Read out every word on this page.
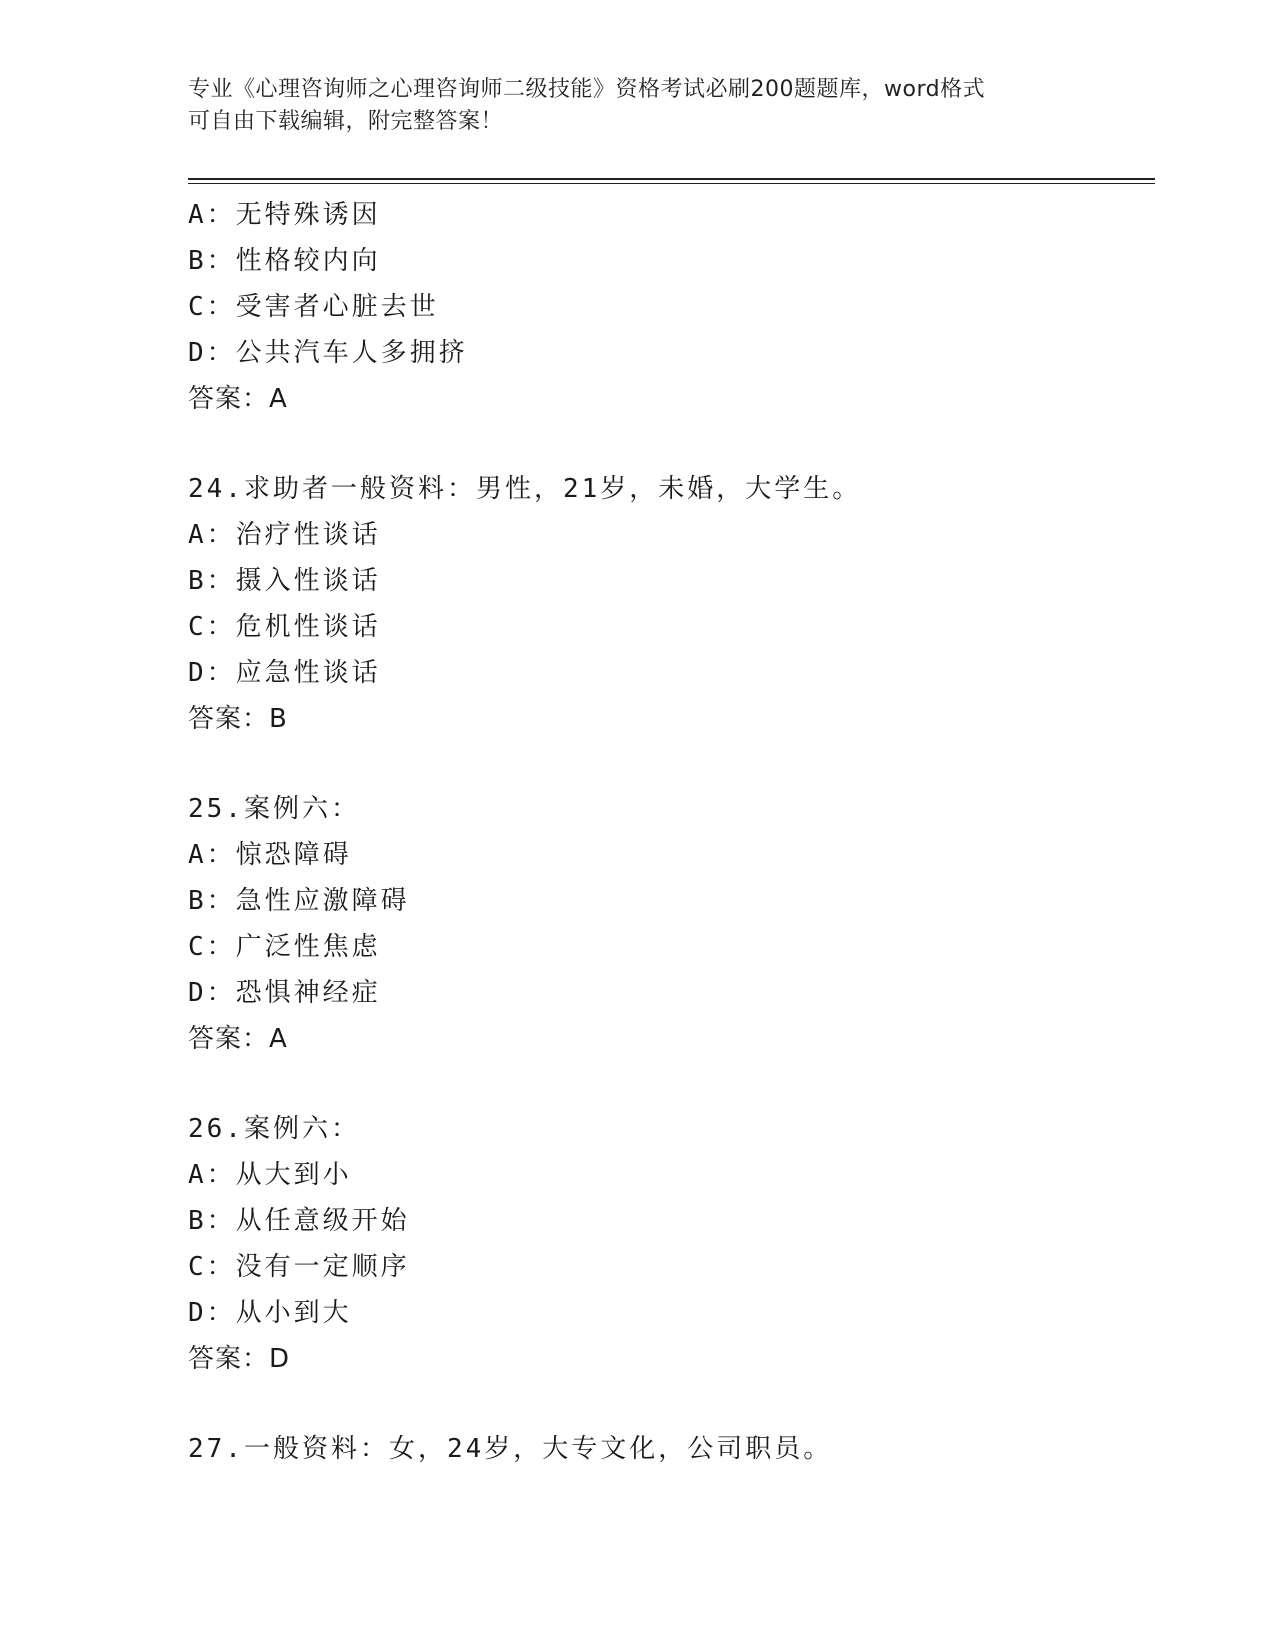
专业《心理咨询师之心理咨询师二级技能》资格考试必刷200题题库，word格式
可自由下载编辑，附完整答案！
A：无特殊诱因
B：性格较内向
C：受害者心脏去世
D：公共汽车人多拥挤
答案：A
24.求助者一般资料：男性，21岁，未婚，大学生。
A：治疗性谈话
B：摄入性谈话
C：危机性谈话
D：应急性谈话
答案：B
25.案例六：
A：惊恐障碍
B：急性应激障碍
C：广泛性焦虑
D：恐惧神经症
答案：A
26.案例六：
A：从大到小
B：从任意级开始
C：没有一定顺序
D：从小到大
答案：D
27.一般资料：女，24岁，大专文化，公司职员。
